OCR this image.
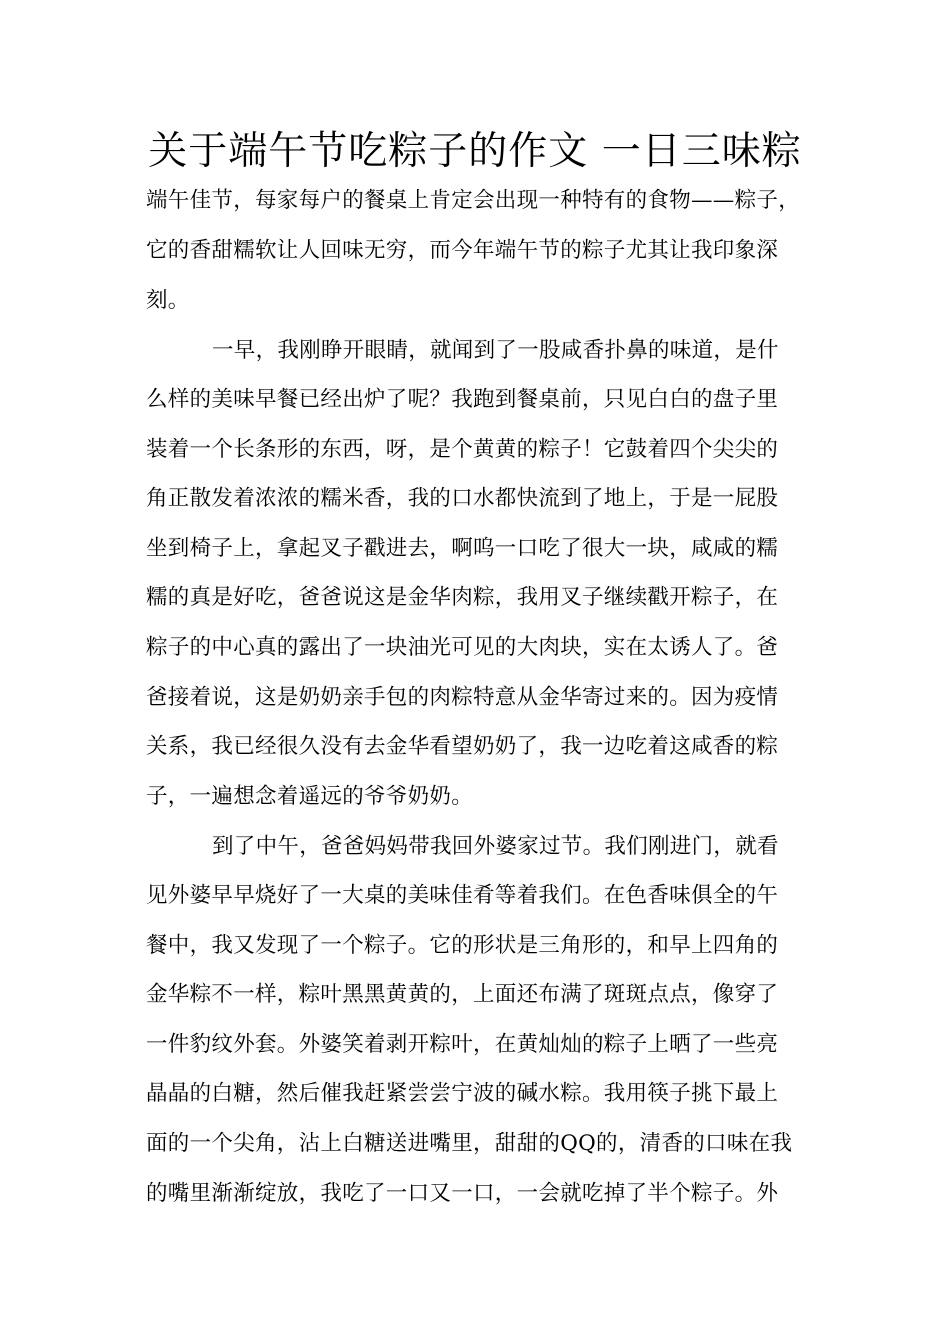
关于端午节吃粽子的作文 一日三味粽
端午佳节，每家每户的餐桌上肯定会出现一种特有的食物——粽子，
它的香甜糯软让人回味无穷，而今年端午节的粽子尤其让我印象深
刻。
一早，我刚睁开眼睛，就闻到了一股咸香扑鼻的味道，是什
么样的美味早餐已经出炉了呢？我跑到餐桌前，只见白白的盘子里
装着一个长条形的东西，呀，是个黄黄的粽子！它鼓着四个尖尖的
角正散发着浓浓的糯米香，我的口水都快流到了地上，于是一屁股
坐到椅子上，拿起叉子戳进去，啊呜一口吃了很大一块，咸咸的糯
糯的真是好吃，爸爸说这是金华肉粽，我用叉子继续戳开粽子，在
粽子的中心真的露出了一块油光可见的大肉块，实在太诱人了。爸
爸接着说，这是奶奶亲手包的肉粽特意从金华寄过来的。因为疫情
关系，我已经很久没有去金华看望奶奶了，我一边吃着这咸香的粽
子，一遍想念着遥远的爷爷奶奶。
到了中午，爸爸妈妈带我回外婆家过节。我们刚进门，就看
见外婆早早烧好了一大桌的美味佳肴等着我们。在色香味俱全的午
餐中，我又发现了一个粽子。它的形状是三角形的，和早上四角的
金华粽不一样，粽叶黑黑黄黄的，上面还布满了斑斑点点，像穿了
一件豹纹外套。外婆笑着剥开粽叶，在黄灿灿的粽子上晒了一些亮
晶晶的白糖，然后催我赶紧尝尝宁波的碱水粽。我用筷子挑下最上
面的一个尖角，沾上白糖送进嘴里，甜甜的QQ的，清香的口味在我
的嘴里渐渐绽放，我吃了一口又一口，一会就吃掉了半个粽子。外
